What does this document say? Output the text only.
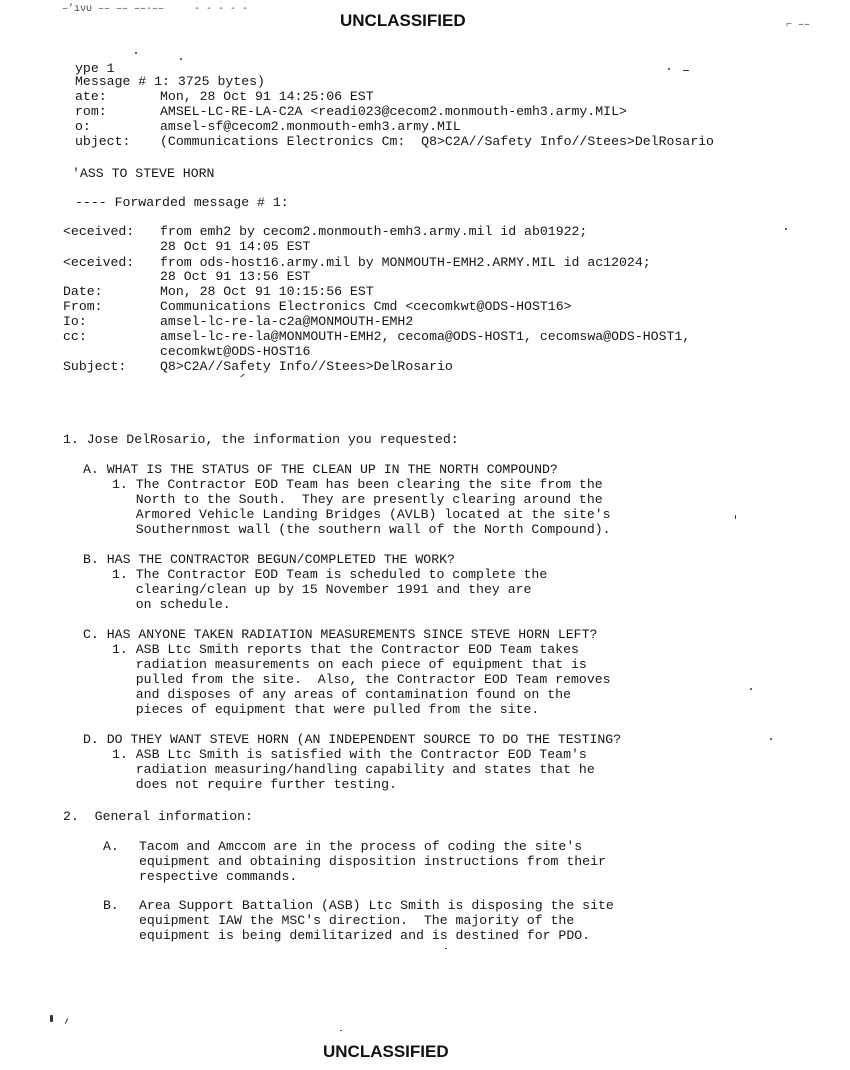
UNCLASSIFIED
–’ıνυ –– –– ––·––     - - - - -
⌐ ––
ype 1
Message # 1: 3725 bytes)

ate:

	Mon, 28 Oct 91 14:25:06 EST

rom:

	AMSEL-LC-RE-LA-C2A <readi023@cecom2.monmouth-emh3.army.MIL>

o:

	amsel-sf@cecom2.monmouth-emh3.army.MIL

ubject:

(Communications Electronics Cm:  Q8>C2A//Safety Info//Stees>DelRosario

'ASS TO STEVE HORN
---- Forwarded message # 1:

<eceived:

from emh2 by cecom2.monmouth-emh3.army.mil id ab01922;

28 Oct 91 14:05 EST

<eceived:

from ods-host16.army.mil by MONMOUTH-EMH2.ARMY.MIL id ac12024;

28 Oct 91 13:56 EST

Date:

	Mon, 28 Oct 91 10:15:56 EST

From:

	Communications Electronics Cmd <cecomkwt@ODS-HOST16>

Io:

	amsel-lc-re-la-c2a@MONMOUTH-EMH2

cc:

	amsel-lc-re-la@MONMOUTH-EMH2, cecoma@ODS-HOST1, cecomswa@ODS-HOST1,

cecomkwt@ODS-HOST16

Subject:

	Q8>C2A//Safety Info//Stees>DelRosario

1. Jose DelRosario, the information you requested:
A. WHAT IS THE STATUS OF THE CLEAN UP IN THE NORTH COMPOUND?
1. The Contractor EOD Team has been clearing the site from the
North to the South.  They are presently clearing around the
Armored Vehicle Landing Bridges (AVLB) located at the site's
Southernmost wall (the southern wall of the North Compound).
B. HAS THE CONTRACTOR BEGUN/COMPLETED THE WORK?
1. The Contractor EOD Team is scheduled to complete the
clearing/clean up by 15 November 1991 and they are
on schedule.
C. HAS ANYONE TAKEN RADIATION MEASUREMENTS SINCE STEVE HORN LEFT?
1. ASB Ltc Smith reports that the Contractor EOD Team takes
radiation measurements on each piece of equipment that is
pulled from the site.  Also, the Contractor EOD Team removes
and disposes of any areas of contamination found on the
pieces of equipment that were pulled from the site.
D. DO THEY WANT STEVE HORN (AN INDEPENDENT SOURCE TO DO THE TESTING?
1. ASB Ltc Smith is satisfied with the Contractor EOD Team's
radiation measuring/handling capability and states that he
does not require further testing.
2.  General information:
A. Tacom and Amccom are in the process of coding the site's
equipment and obtaining disposition instructions from their
respective commands.
B. Area Support Battalion (ASB) Ltc Smith is disposing the site
equipment IAW the MSC's direction.  The majority of the
equipment is being demilitarized and is destined for PDO.
UNCLASSIFIED
